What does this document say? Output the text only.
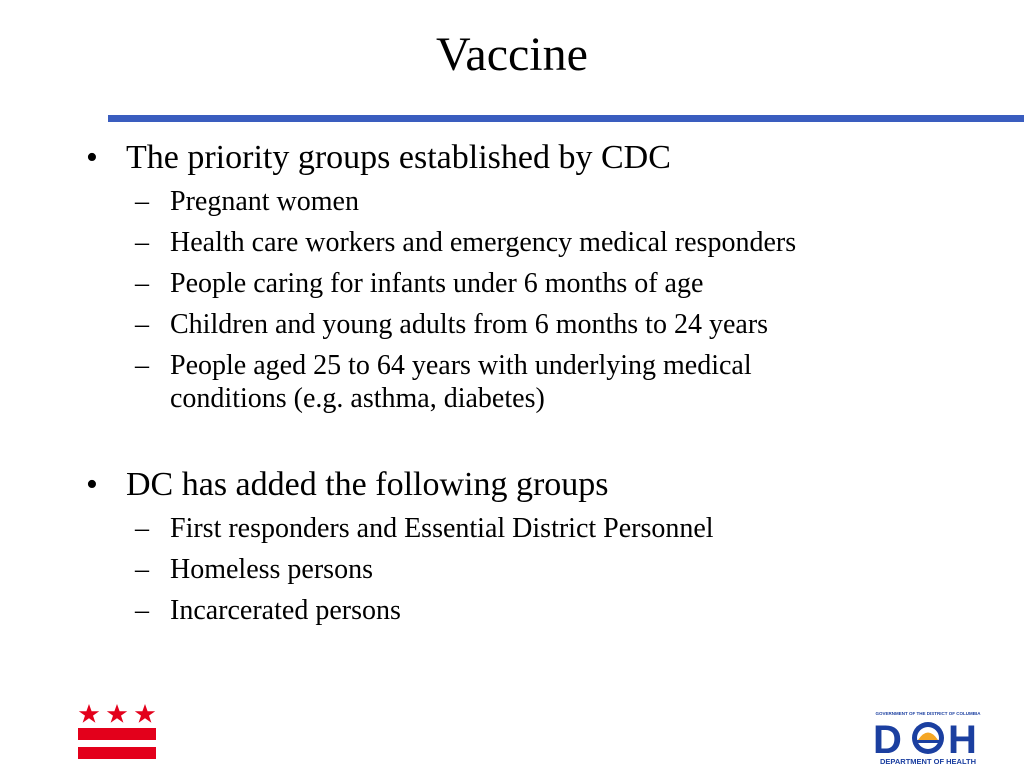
Vaccine
• The priority groups established by CDC
– Pregnant women
– Health care workers and emergency medical responders
– People caring for infants under 6 months of age
– Children and young adults from 6 months to 24 years
– People aged 25 to 64 years with underlying medical
conditions (e.g. asthma, diabetes)
• DC has added the following groups
– First responders and Essential District Personnel
– Homeless persons
– Incarcerated persons
GOVERNMENT OF THE DISTRICT OF COLUMBIA
D H
DEPARTMENT OF HEALTH
